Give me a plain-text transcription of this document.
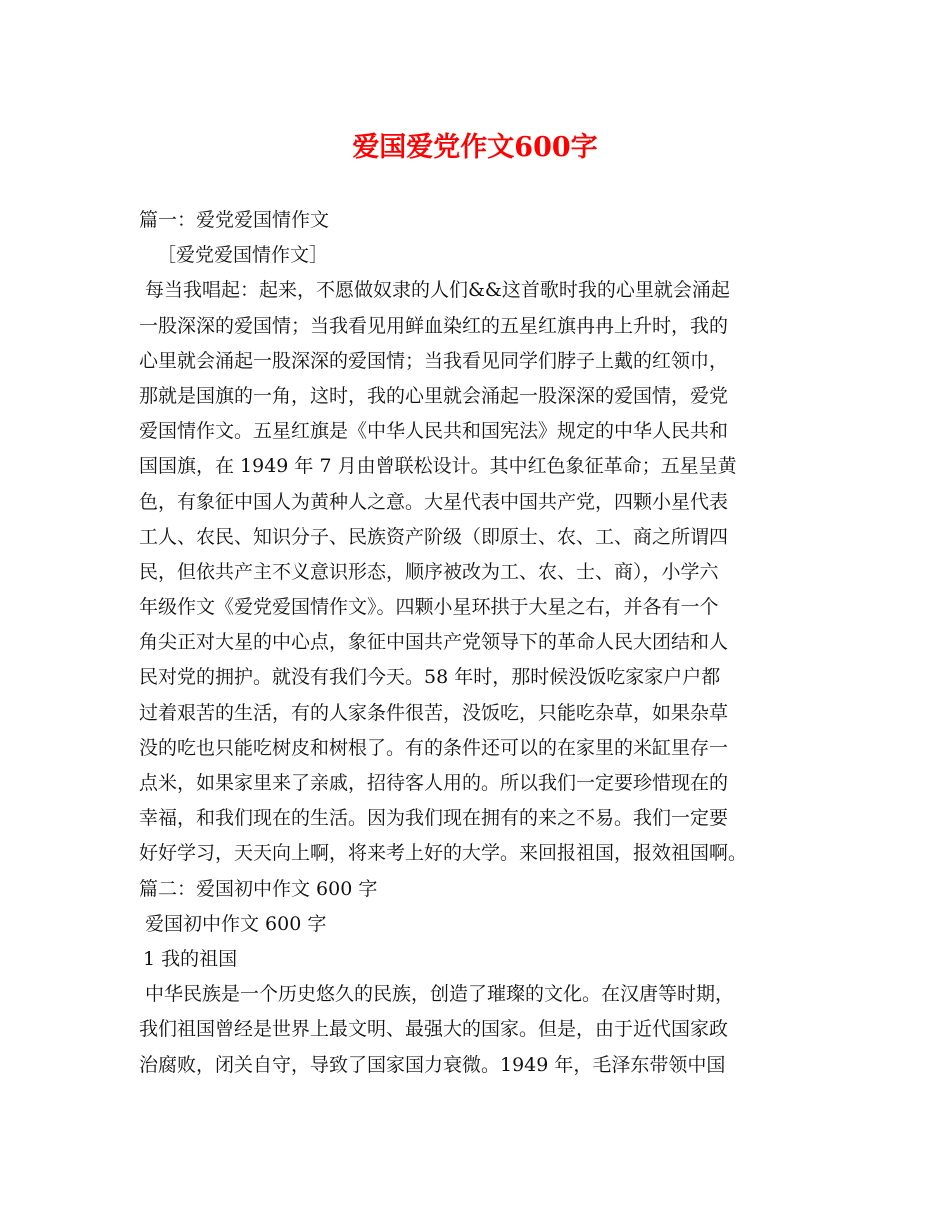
爱国爱党作文600字

篇一：爱党爱国情作文

［爱党爱国情作文］

每当我唱起：起来，不愿做奴隶的人们&&这首歌时我的心里就会涌起

一股深深的爱国情；当我看见用鲜血染红的五星红旗冉冉上升时，我的

心里就会涌起一股深深的爱国情；当我看见同学们脖子上戴的红领巾，

那就是国旗的一角，这时，我的心里就会涌起一股深深的爱国情，爱党

爱国情作文。五星红旗是《中华人民共和国宪法》规定的中华人民共和

国国旗，在 1949 年 7 月由曾联松设计。其中红色象征革命；五星呈黄

色，有象征中国人为黄种人之意。大星代表中国共产党，四颗小星代表

工人、农民、知识分子、民族资产阶级（即原士、农、工、商之所谓四

民，但依共产主不义意识形态，顺序被改为工、农、士、商），小学六

年级作文《爱党爱国情作文》。四颗小星环拱于大星之右，并各有一个

角尖正对大星的中心点，象征中国共产党领导下的革命人民大团结和人

民对党的拥护。就没有我们今天。58 年时，那时候没饭吃家家户户都

过着艰苦的生活，有的人家条件很苦，没饭吃，只能吃杂草，如果杂草

没的吃也只能吃树皮和树根了。有的条件还可以的在家里的米缸里存一

点米，如果家里来了亲戚，招待客人用的。所以我们一定要珍惜现在的

幸福，和我们现在的生活。因为我们现在拥有的来之不易。我们一定要

好好学习，天天向上啊，将来考上好的大学。来回报祖国，报效祖国啊。

篇二：爱国初中作文 600 字

爱国初中作文 600 字

1 我的祖国

中华民族是一个历史悠久的民族，创造了璀璨的文化。在汉唐等时期，

我们祖国曾经是世界上最文明、最强大的国家。但是，由于近代国家政

治腐败，闭关自守，导致了国家国力衰微。1949 年，毛泽东带领中国
